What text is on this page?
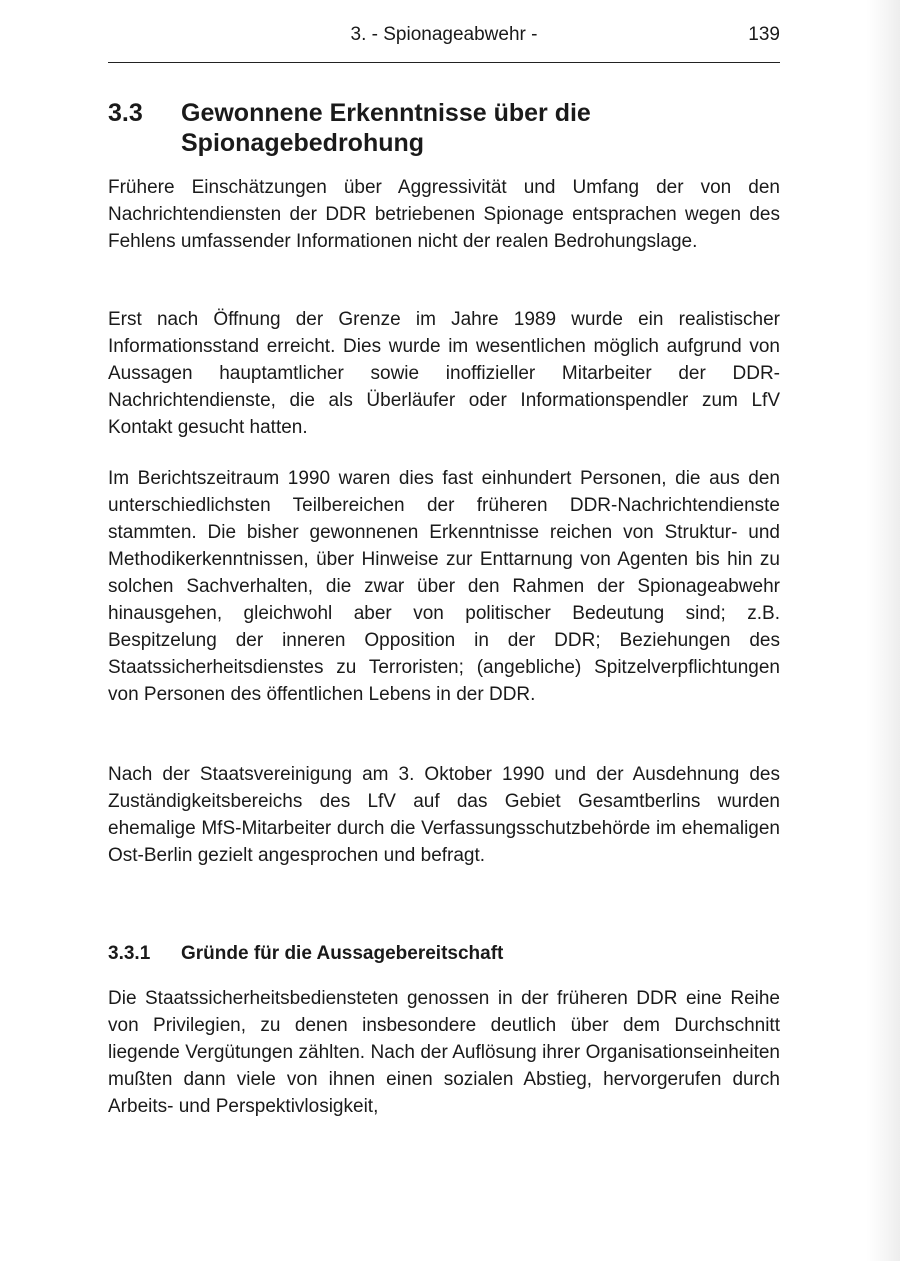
3. - Spionageabwehr -	139
3.3 Gewonnene Erkenntnisse über die Spionagebedrohung

Frühere Einschätzungen über Aggressivität und Umfang der von den Nachrichtendiensten der DDR betriebenen Spionage entsprachen wegen des Fehlens umfassender Informationen nicht der realen Bedrohungslage.

Erst nach Öffnung der Grenze im Jahre 1989 wurde ein realistischer Informationsstand erreicht. Dies wurde im wesentlichen möglich aufgrund von Aussagen hauptamtlicher sowie inoffizieller Mitarbeiter der DDR-Nachrichtendienste, die als Überläufer oder Informationspendler zum LfV Kontakt gesucht hatten.

Im Berichtszeitraum 1990 waren dies fast einhundert Personen, die aus den unterschiedlichsten Teilbereichen der früheren DDR-Nachrichtendienste stammten. Die bisher gewonnenen Erkenntnisse reichen von Struktur- und Methodikerkenntnissen, über Hinweise zur Enttarnung von Agenten bis hin zu solchen Sachverhalten, die zwar über den Rahmen der Spionageabwehr hinausgehen, gleichwohl aber von politischer Bedeutung sind; z.B. Bespitzelung der inneren Opposition in der DDR; Beziehungen des Staatssicherheitsdienstes zu Terroristen; (angebliche) Spitzelverpflichtungen von Personen des öffentlichen Lebens in der DDR.

Nach der Staatsvereinigung am 3. Oktober 1990 und der Ausdehnung des Zuständigkeitsbereichs des LfV auf das Gebiet Gesamtberlins wurden ehemalige MfS-Mitarbeiter durch die Verfassungsschutzbehörde im ehemaligen Ost-Berlin gezielt angesprochen und befragt.

3.3.1 Gründe für die Aussagebereitschaft

Die Staatssicherheitsbediensteten genossen in der früheren DDR eine Reihe von Privilegien, zu denen insbesondere deutlich über dem Durchschnitt liegende Vergütungen zählten. Nach der Auflösung ihrer Organisationseinheiten mußten dann viele von ihnen einen sozialen Abstieg, hervorgerufen durch Arbeits- und Perspektivlosigkeit,
